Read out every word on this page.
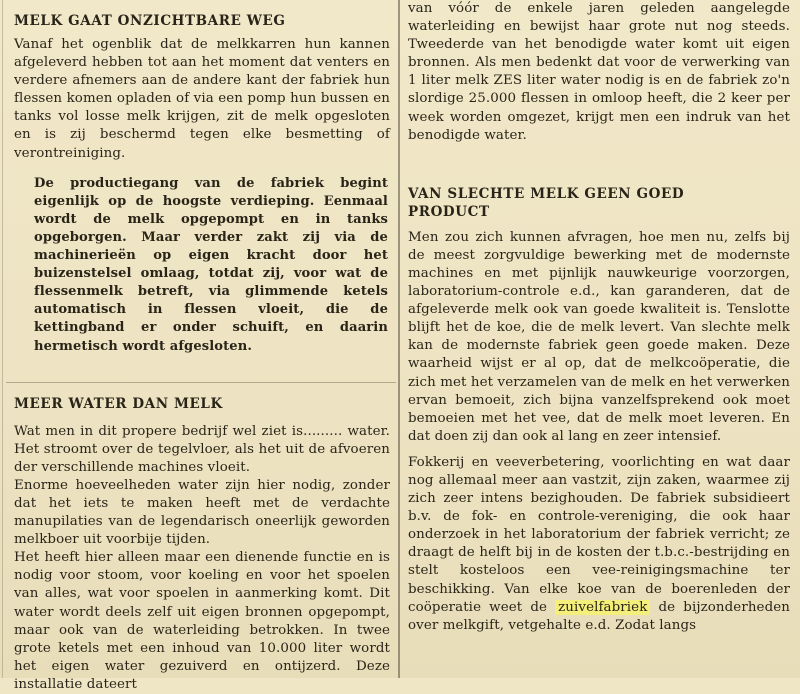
MELK GAAT ONZICHTBARE WEG

Vanaf het ogenblik dat de melkkarren hun kannen afgeleverd hebben tot aan het moment dat venters en verdere afnemers aan de andere kant der fabriek hun flessen komen opladen of via een pomp hun bussen en tanks vol losse melk krijgen, zit de melk opgesloten en is zij beschermd tegen elke besmetting of verontreiniging.

De productiegang van de fabriek begint eigenlijk op de hoogste verdieping. Eenmaal wordt de melk opgepompt en in tanks opgeborgen. Maar verder zakt zij via de machinerieën op eigen kracht door het buizenstelsel omlaag, totdat zij, voor wat de flessenmelk betreft, via glimmende ketels automatisch in flessen vloeit, die de kettingband er onder schuift, en daarin hermetisch wordt afgesloten.

MEER WATER DAN MELK

Wat men in dit propere bedrijf wel ziet is......... water. Het stroomt over de tegelvloer, als het uit de afvoeren der verschillende machines vloeit.

Enorme hoeveelheden water zijn hier nodig, zonder dat het iets te maken heeft met de verdachte manupilaties van de legendarisch oneerlijk geworden melkboer uit voorbije tijden.

Het heeft hier alleen maar een dienende functie en is nodig voor stoom, voor koeling en voor het spoelen van alles, wat voor spoelen in aanmerking komt. Dit water wordt deels zelf uit eigen bronnen opgepompt, maar ook van de waterleiding betrokken. In twee grote ketels met een inhoud van 10.000 liter wordt het eigen water gezuiverd en ontijzerd. Deze installatie dateert

van vóór de enkele jaren geleden aangelegde waterleiding en bewijst haar grote nut nog steeds. Tweederde van het benodigde water komt uit eigen bronnen. Als men bedenkt dat voor de verwerking van 1 liter melk ZES liter water nodig is en de fabriek zo'n slordige 25.000 flessen in omloop heeft, die 2 keer per week worden omgezet, krijgt men een indruk van het benodigde water.

VAN SLECHTE MELK GEEN GOED PRODUCT

Men zou zich kunnen afvragen, hoe men nu, zelfs bij de meest zorgvuldige bewerking met de modernste machines en met pijnlijk nauwkeurige voorzorgen, laboratorium-controle e.d., kan garanderen, dat de afgeleverde melk ook van goede kwaliteit is. Tenslotte blijft het de koe, die de melk levert. Van slechte melk kan de modernste fabriek geen goede maken. Deze waarheid wijst er al op, dat de melkcoöperatie, die zich met het verzamelen van de melk en het verwerken ervan bemoeit, zich bijna vanzelfsprekend ook moet bemoeien met het vee, dat de melk moet leveren. En dat doen zij dan ook al lang en zeer intensief.

Fokkerij en veeverbetering, voorlichting en wat daar nog allemaal meer aan vastzit, zijn zaken, waarmee zij zich zeer intens bezighouden. De fabriek subsidieert b.v. de fok- en controle-vereniging, die ook haar onderzoek in het laboratorium der fabriek verricht; ze draagt de helft bij in de kosten der t.b.c.-bestrijding en stelt kosteloos een vee-reinigingsmachine ter beschikking. Van elke koe van de boerenleden der coöperatie weet de zuivelfabriek de bijzonderheden over melkgift, vetgehalte e.d. Zodat langs
